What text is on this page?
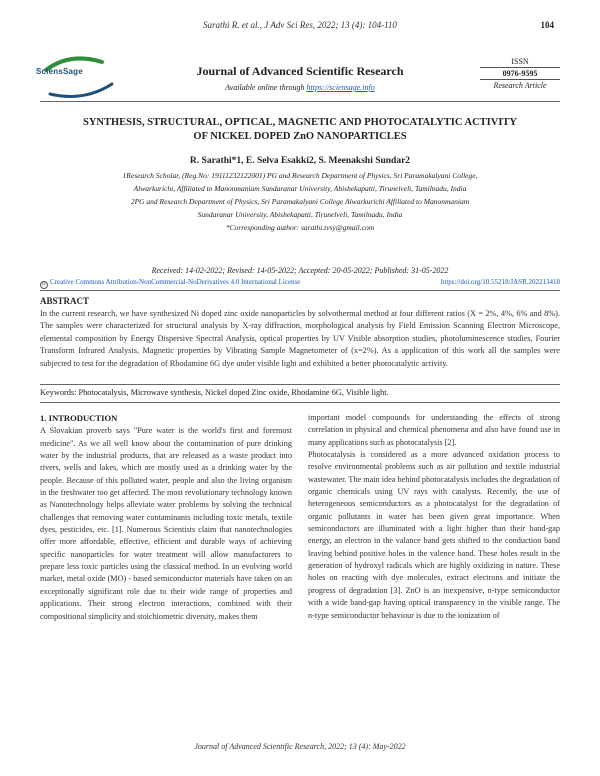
Sarathi R. et al., J Adv Sci Res, 2022; 13 (4): 104-110	104
SciensSage	Journal of Advanced Scientific Research
Available online through https://sciensage.info
ISSN
0976-9595
Research Article
SYNTHESIS, STRUCTURAL, OPTICAL, MAGNETIC AND PHOTOCATALYTIC ACTIVITY
OF NICKEL DOPED ZnO NANOPARTICLES
R. Sarathi*1, E. Selva Esakki2, S. Meenakshi Sundar2
1Research Scholar, (Reg.No: 19111232122001) PG and Research Department of Physics, Sri Paramakalyani College,
Alwarkurichi, Affiliated to Manonmaniam Sundaranar University, Abishekapatti, Tirunelveli, Tamilnadu, India
2PG and Research Department of Physics, Sri Paramakalyani College Alwarkurichi Affiliated to Manonmaniam
Sundaranar University, Abishekapatti, Tirunelveli, Tamilnadu, India
*Corresponding author: sarathi.tvsy@gmail.com
Received: 14-02-2022; Revised: 14-05-2022; Accepted: 20-05-2022; Published: 31-05-2022
cc Creative Commons Attribution-NonCommercial-NoDerivatives 4.0 International License	https://doi.org/10.55218/JASR.202213418
ABSTRACT
In the current research, we have synthesized Ni doped zinc oxide nanoparticles by solvothermal method at four different ratios (X = 2%, 4%, 6% and 8%). The samples were characterized for structural analysis by X-ray diffraction, morphological analysis by Field Emission Scanning Electron Microscope, elemental composition by Energy Dispersive Spectral Analysis, optical properties by UV Visible absorption studies, photoluminescence studies, Fourier Transform Infrared Analysis, Magnetic properties by Vibrating Sample Magnetometer of (x=2%). As a application of this work all the samples were subjected to test for the degradation of Rhodamine 6G dye under visible light and exhibited a better photocatalytic activity.
Keywords: Photocatalysis, Microwave synthesis, Nickel doped Zinc oxide, Rhodamine 6G, Visible light.
1. INTRODUCTION

A Slovakian proverb says "Pure water is the world's first and foremost medicine". As we all well know about the contamination of pure drinking water by the industrial products, that are released as a waste product into rivers, wells and lakes, which are mostly used as a drinking water by the people. Because of this polluted water, people and also the living organism in the freshwater too get affected. The most revolutionary technology known as Nanotechnology helps alleviate water problems by solving the technical challenges that removing water contaminants including toxic metals, textile dyes, pesticides, etc. [1]. Numerous Scientists claim that nanotechnologies offer more affordable, effective, efficient and durable ways of achieving specific nanoparticles for water treatment will allow manufacturers to prepare less toxic particles using the classical method. In an evolving world market, metal oxide (MO) - based semiconductor materials have taken on an exceptionally significant role due to their wide range of properties and applications. Their strong electron interactions, combined with their compositional simplicity and stoichiometric diversity, makes them

important model compounds for understanding the effects of strong correlation in physical and chemical phenomena and also have found use in many applications such as photocatalysis [2].

Photocatalysis is considered as a more advanced oxidation process to resolve environmental problems such as air pollution and textile industrial wastewater. The main idea behind photocatalysis includes the degradation of organic chemicals using UV rays with catalysts. Recently, the use of heterogeneous semiconductors as a photocatalyst for the degradation of organic pollutants in water has been given great importance. When semiconductors are illuminated with a light higher than their band-gap energy, an electron in the valance band gets shifted to the conduction band leaving behind positive holes in the valence band. These holes result in the generation of hydroxyl radicals which are highly oxidizing in nature. These holes on reacting with dye molecules, extract electrons and initiate the progress of degradation [3]. ZnO is an inexpensive, n-type semiconductor with a wide band-gap having optical transparency in the visible range. The n-type semiconductor behaviour is due to the ionization of

Journal of Advanced Scientific Research, 2022; 13 (4): May-2022
